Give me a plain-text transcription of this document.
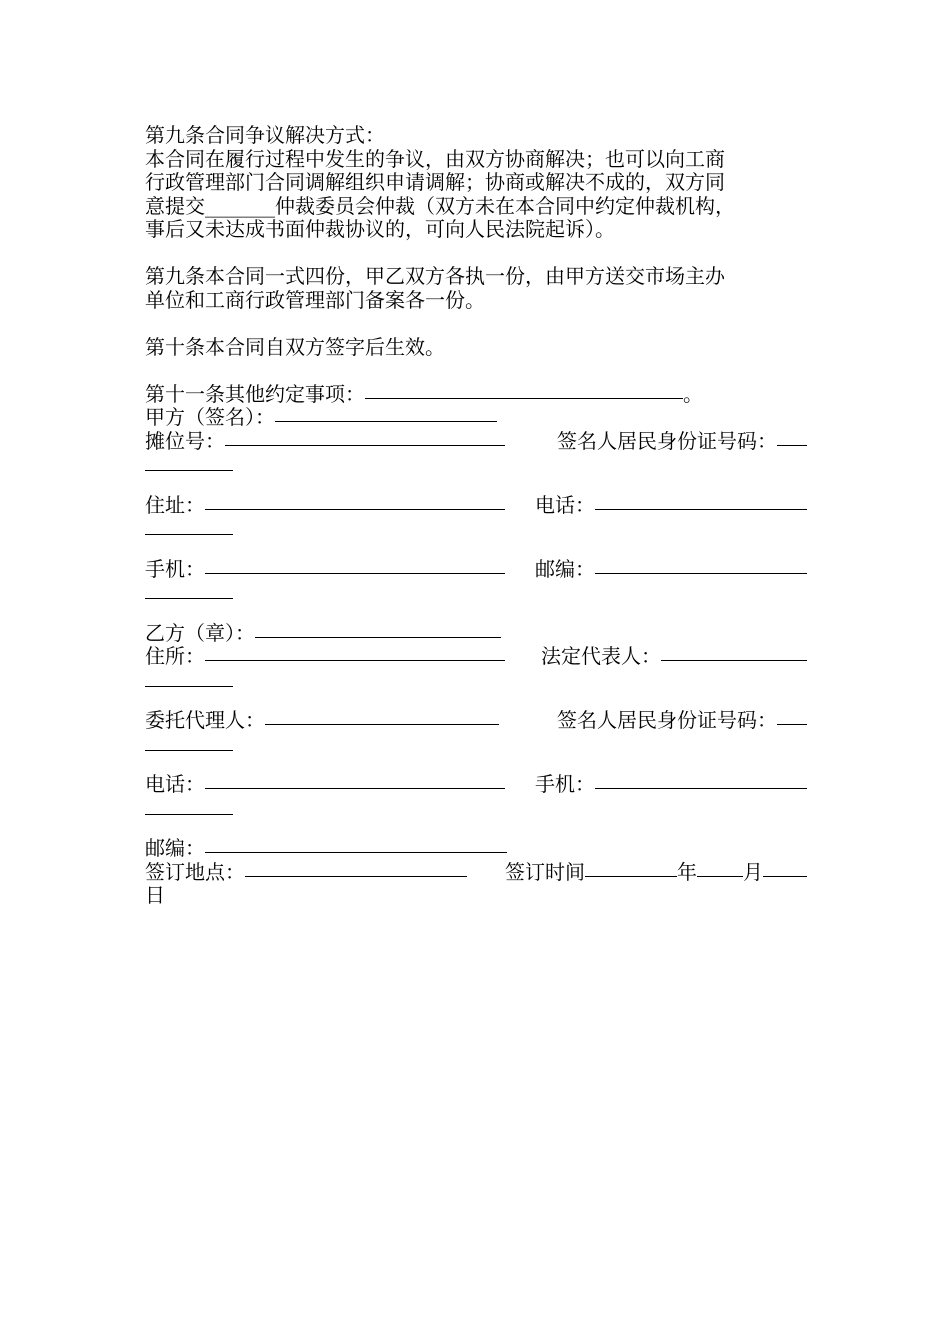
第九条合同争议解决方式：

本合同在履行过程中发生的争议，由双方协商解决；也可以向工商

行政管理部门合同调解组织申请调解；协商或解决不成的，双方同

意提交_______仲裁委员会仲裁（双方未在本合同中约定仲裁机构，

事后又未达成书面仲裁协议的，可向人民法院起诉）。

第九条本合同一式四份，甲乙双方各执一份，由甲方送交市场主办

单位和工商行政管理部门备案各一份。

第十条本合同自双方签字后生效。

第十一条其他约定事项：	。
甲方（签名）：
摊位号：	签名人居民身份证号码：
住址：	电话：
手机：	邮编：
乙方（章）：
住所：	法定代表人：
委托代理人：	签名人居民身份证号码：
电话：	手机：
邮编：
签订地点：	签订时间	年 月

日
